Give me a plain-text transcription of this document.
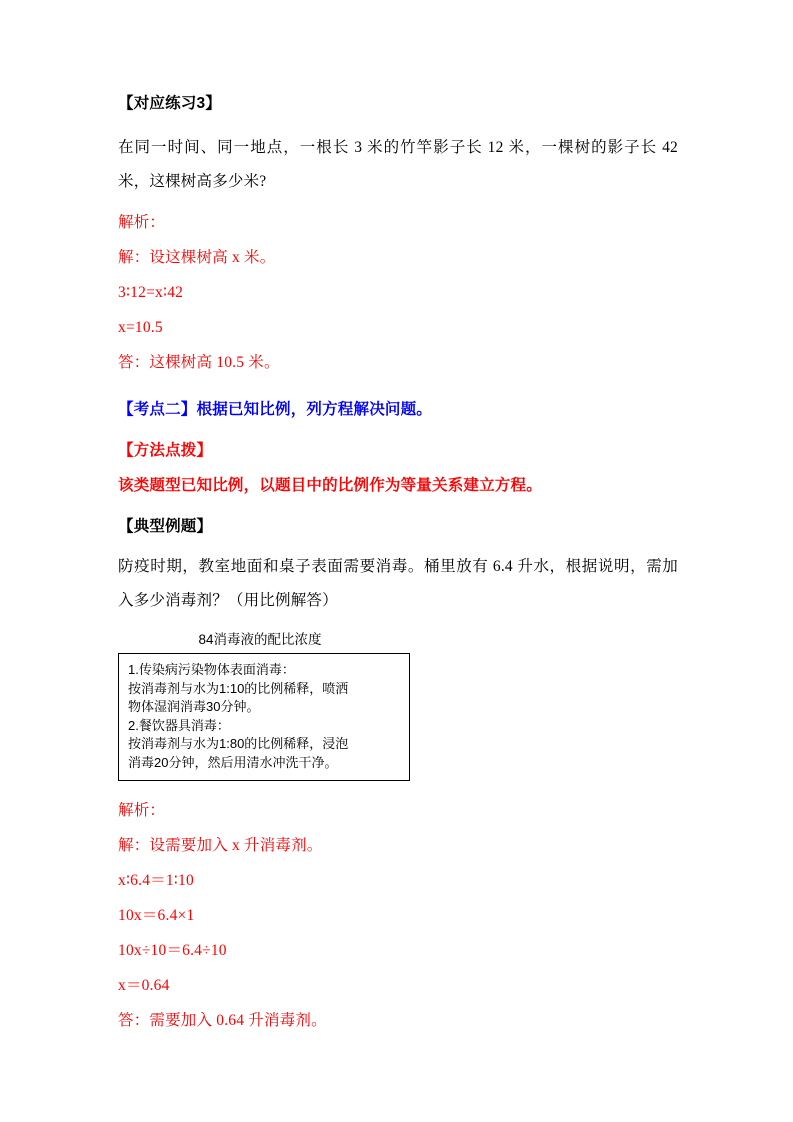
【对应练习3】

在同一时间、同一地点，一根长 3 米的竹竿影子长 12 米，一棵树的影子长 42 米，这棵树高多少米?

解析：

解：设这棵树高 x 米。

3∶12=x∶42

x=10.5

答：这棵树高 10.5 米。

【考点二】根据已知比例，列方程解决问题。

【方法点拨】

该类题型已知比例，以题目中的比例作为等量关系建立方程。

【典型例题】

防疫时期，教室地面和桌子表面需要消毒。桶里放有 6.4 升水，根据说明，需加入多少消毒剂？（用比例解答）

84消毒液的配比浓度
1.传染病污染物体表面消毒：
按消毒剂与水为1:10的比例稀释，喷洒
物体湿润消毒30分钟。
2.餐饮器具消毒：
按消毒剂与水为1:80的比例稀释，浸泡
消毒20分钟，然后用清水冲洗干净。

解析：

解：设需要加入 x 升消毒剂。

x∶6.4＝1∶10

10x＝6.4×1

10x÷10＝6.4÷10

x＝0.64

答：需要加入 0.64 升消毒剂。
